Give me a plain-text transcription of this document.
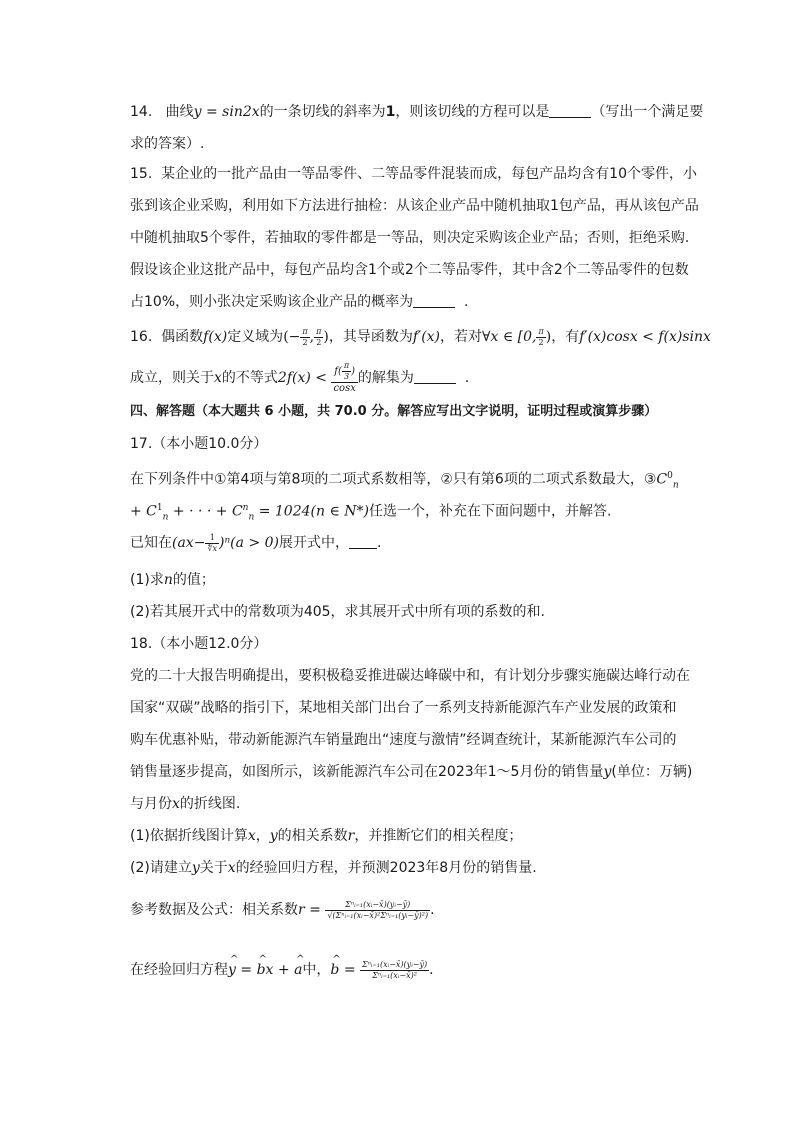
14. 曲线y = sin2x的一条切线的斜率为1，则该切线的方程可以是	（写出一个满足要
求的答案）.
15. 某企业的一批产品由一等品零件、二等品零件混装而成，每包产品均含有10个零件，小
张到该企业采购，利用如下方法进行抽检：从该企业产品中随机抽取1包产品，再从该包产品
中随机抽取5个零件，若抽取的零件都是一等品，则决定采购该企业产品；否则，拒绝采购.
假设该企业这批产品中，每包产品均含1个或2个二等品零件，其中含2个二等品零件的包数
占10%，则小张决定采购该企业产品的概率为	.
16. 偶函数f(x)定义域为(− $\frac{\pi}{2}$ , $\frac{\pi}{2}$ )，其导函数为f′(x)，若对∀x ∈ [0, $\frac{\pi}{2}$ )，有f′(x)cosx < f(x)sinx
成立，则关于x的不等式$2f(x) < \frac{f( \frac{\pi}{3} )}{\cos x}$ 的解集为	.
四、解答题（本大题共 6 小题，共 70.0 分。解答应写出文字说明，证明过程或演算步骤）
17.（本小题10.0分）
在下列条件中①第4项与第8项的二项式系数相等，②只有第6项的二项式系数最大，$③C^0_n$
+ $C^1_n$ + · · · + $C^n_n = 1024(n$ ∈ N*)任选一个，补充在下面问题中，并解答.
已知在$(ax- \frac{1}{∜x} )^n(a > 0)$展开式中， .
(1)求n的值；
(2)若其展开式中的常数项为405，求其展开式中所有项的系数的和.
18.（本小题12.0分）
党的二十大报告明确提出，要积极稳妥推进碳达峰碳中和，有计划分步骤实施碳达峰行动在
国家“双碳”战略的指引下，某地相关部门出台了一系列支持新能源汽车产业发展的政策和
购车优惠补贴，带动新能源汽车销量跑出“速度与激情”经调查统计，某新能源汽车公司的
销售量逐步提高，如图所示，该新能源汽车公司在2023年1～5月份的销售量y(单位：万辆)
与月份x的折线图.
(1)依据折线图计算x，y的相关系数r，并推断它们的相关程度；
(2)请建立y关于x的经验回归方程，并预测2023年8月份的销售量.
参考数据及公式：相关系数$r = \frac{\text{Σⁿᵢ₌₁(xᵢ−x̄)(yᵢ−ȳ)}}{\text{√(Σⁿᵢ₌₁(xᵢ−x̄)²Σⁿᵢ₌₁(yᵢ−ȳ)²)}}$ .
在经验回归方程^ y = ^ bx + ^ a中，^ $b = \frac{\text{Σⁿᵢ₌₁(xᵢ−x̄)(yᵢ−ȳ)}}{\text{Σⁿᵢ₌₁(xᵢ−x̄)²}}$ .
